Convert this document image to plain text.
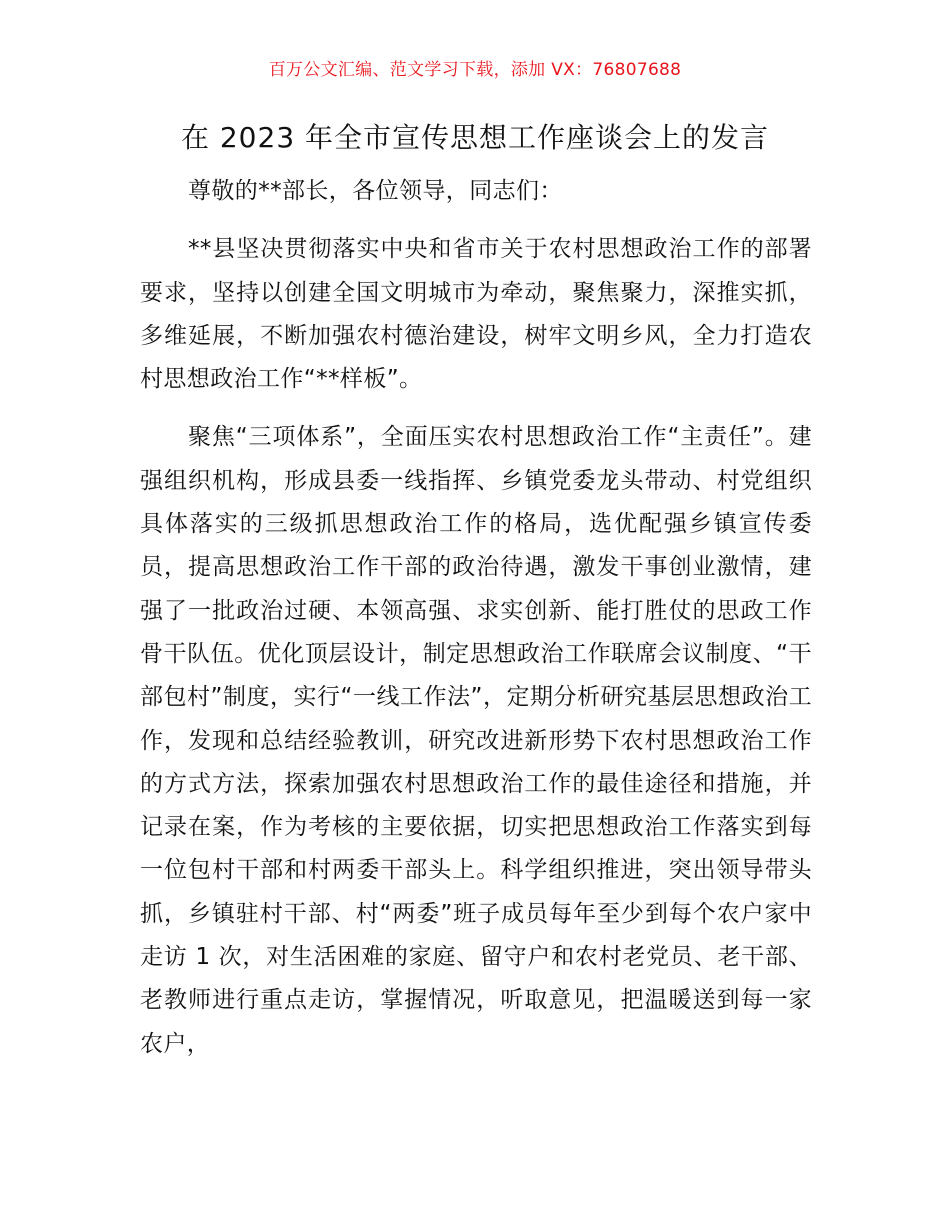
百万公文汇编、范文学习下载，添加 VX：76807688
在 2023 年全市宣传思想工作座谈会上的发言

尊敬的**部长，各位领导，同志们：

**县坚决贯彻落实中央和省市关于农村思想政治工作的部署要求，坚持以创建全国文明城市为牵动，聚焦聚力，深推实抓，多维延展，不断加强农村德治建设，树牢文明乡风，全力打造农村思想政治工作“**样板”。

聚焦“三项体系”，全面压实农村思想政治工作“主责任”。建强组织机构，形成县委一线指挥、乡镇党委龙头带动、村党组织具体落实的三级抓思想政治工作的格局，选优配强乡镇宣传委员，提高思想政治工作干部的政治待遇，激发干事创业激情，建强了一批政治过硬、本领高强、求实创新、能打胜仗的思政工作骨干队伍。优化顶层设计，制定思想政治工作联席会议制度、“干部包村”制度，实行“一线工作法”，定期分析研究基层思想政治工作，发现和总结经验教训，研究改进新形势下农村思想政治工作的方式方法，探索加强农村思想政治工作的最佳途径和措施，并记录在案，作为考核的主要依据，切实把思想政治工作落实到每一位包村干部和村两委干部头上。科学组织推进，突出领导带头抓，乡镇驻村干部、村“两委”班子成员每年至少到每个农户家中走访 1 次，对生活困难的家庭、留守户和农村老党员、老干部、老教师进行重点走访，掌握情况，听取意见，把温暖送到每一家农户，
